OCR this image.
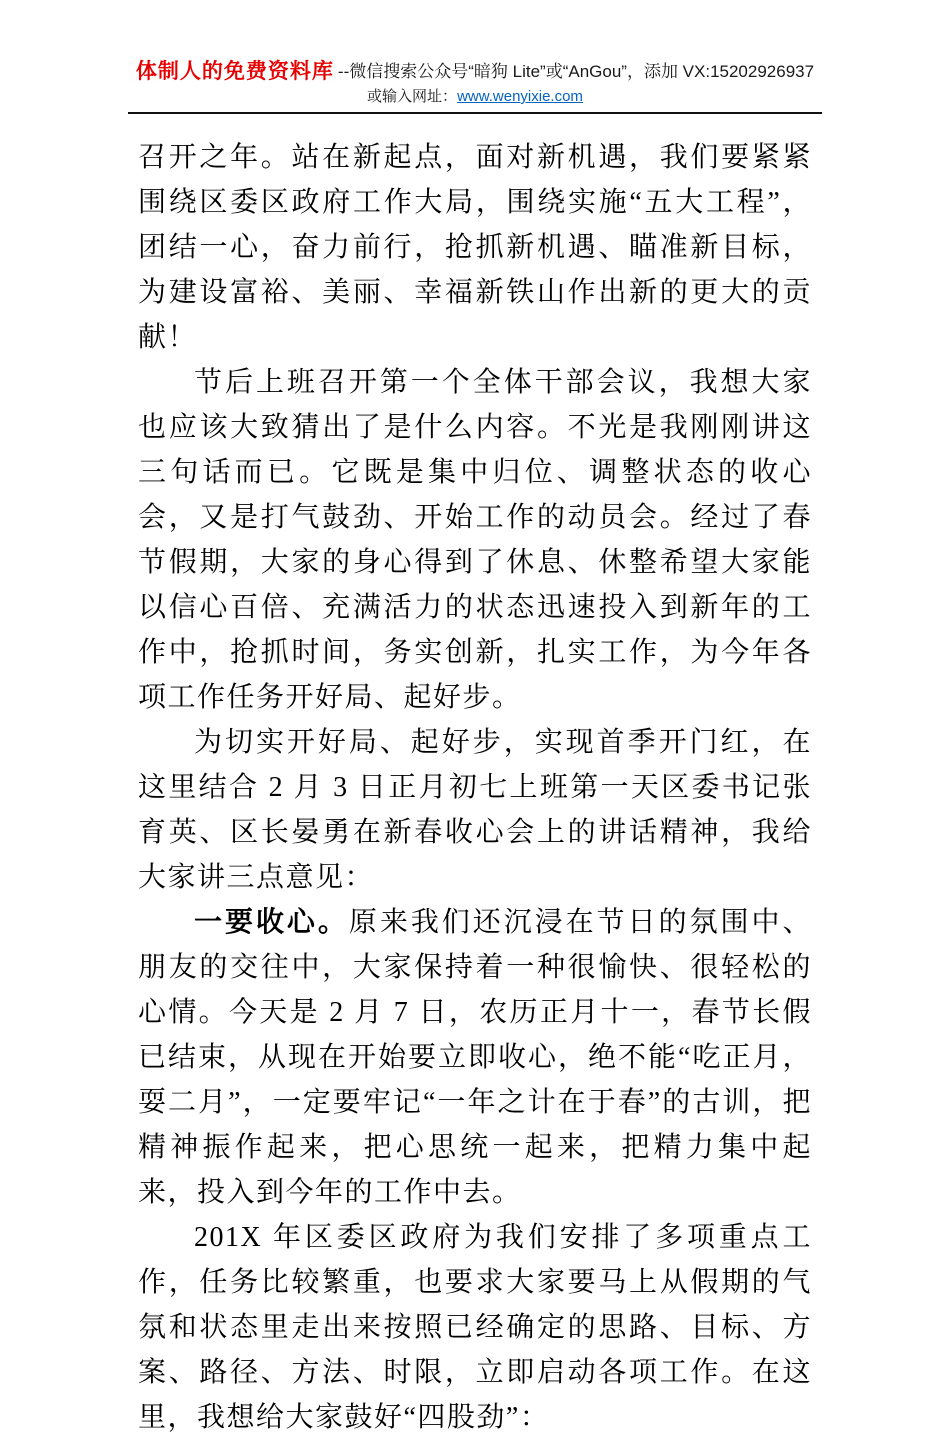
体制人的免费资料库 --微信搜索公众号“暗狗 Lite”或“AnGou”，添加 VX:15202926937
或输入网址：www.wenyixie.com

召开之年。站在新起点，面对新机遇，我们要紧紧围绕区委区政府工作大局，围绕实施“五大工程”，团结一心，奋力前行，抢抓新机遇、瞄准新目标，为建设富裕、美丽、幸福新铁山作出新的更大的贡献！

节后上班召开第一个全体干部会议，我想大家也应该大致猜出了是什么内容。不光是我刚刚讲这三句话而已。它既是集中归位、调整状态的收心会，又是打气鼓劲、开始工作的动员会。经过了春节假期，大家的身心得到了休息、休整希望大家能以信心百倍、充满活力的状态迅速投入到新年的工作中，抢抓时间，务实创新，扎实工作，为今年各项工作任务开好局、起好步。

为切实开好局、起好步，实现首季开门红，在这里结合 2 月 3 日正月初七上班第一天区委书记张育英、区长晏勇在新春收心会上的讲话精神，我给大家讲三点意见：

一要收心。原来我们还沉浸在节日的氛围中、朋友的交往中，大家保持着一种很愉快、很轻松的心情。今天是 2 月 7 日，农历正月十一，春节长假已结束，从现在开始要立即收心，绝不能“吃正月，耍二月”，一定要牢记“一年之计在于春”的古训，把精神振作起来，把心思统一起来，把精力集中起来，投入到今年的工作中去。

201X 年区委区政府为我们安排了多项重点工作，任务比较繁重，也要求大家要马上从假期的气氛和状态里走出来按照已经确定的思路、目标、方案、路径、方法、时限，立即启动各项工作。在这里，我想给大家鼓好“四股劲”：
